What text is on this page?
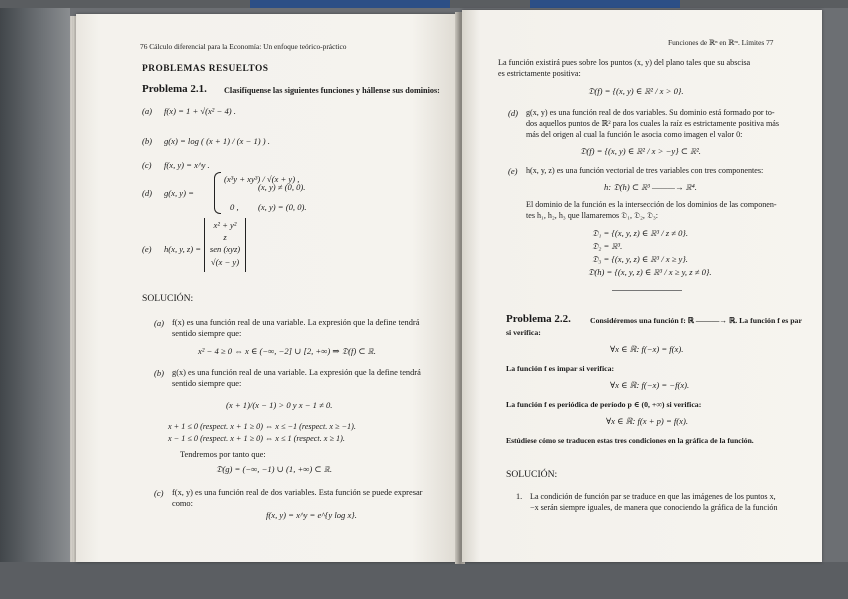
76 Cálculo diferencial para la Economía: Un enfoque teórico-práctico
PROBLEMAS RESUELTOS
Problema 2.1. Clasifíquense las siguientes funciones y hállense sus dominios:
(a) f(x) = 1 + √(x² − 4) .
(b) g(x) = log ( (x + 1) / (x − 1) ) .
(c) f(x, y) = x^y .
(d) g(x, y) =
(x³y + xy³) / √(x + y) ,
(x, y) ≠ (0, 0).
0 , (x, y) = (0, 0).
(e) h(x, y, z) =
x² + y²
z
sen (xyz)
√(x − y)
SOLUCIÓN:
(a) f(x) es una función real de una variable. La expresión que la define tendrá
sentido siempre que:
x² − 4 ≥ 0 ⇔ x ∈ (−∞, −2] ∪ [2, +∞) ⇒ 𝔇(f) ⊂ ℝ.
(b) g(x) es una función real de una variable. La expresión que la define tendrá
sentido siempre que:
(x + 1)/(x − 1) > 0 y x − 1 ≠ 0.
x + 1 ≤ 0 (respect. x + 1 ≥ 0) ⇔ x ≤ −1 (respect. x ≥ −1).
x − 1 ≤ 0 (respect. x + 1 ≥ 0) ⇔ x ≤ 1 (respect. x ≥ 1).
Tendremos por tanto que:
𝔇(g) = (−∞, −1) ∪ (1, +∞) ⊂ ℝ.
(c) f(x, y) es una función real de dos variables. Esta función se puede expresar
como:
f(x, y) = x^y = e^{y log x}.
Funciones de ℝⁿ en ℝᵐ. Límites 77
La función existirá pues sobre los puntos (x, y) del plano tales que su abscisa
es estrictamente positiva:
𝔇(f) = {(x, y) ∈ ℝ² / x > 0}.
(d) g(x, y) es una función real de dos variables. Su dominio está formado por to-
dos aquellos puntos de ℝ² para los cuales la raíz es estrictamente positiva más
más del origen al cual la función le asocia como imagen el valor 0:
𝔇(f) = {(x, y) ∈ ℝ² / x > −y} ⊂ ℝ².
(e) h(x, y, z) es una función vectorial de tres variables con tres componentes:
h: 𝔇(h) ⊂ ℝ³ ———→ ℝ⁴.
El dominio de la función es la intersección de los dominios de las componen-
tes h₁, h₂, h₃ que llamaremos 𝔇₁, 𝔇₂, 𝔇₃:
𝔇₁ = {(x, y, z) ∈ ℝ³ / z ≠ 0}.
𝔇₂ = ℝ³.
𝔇₃ = {(x, y, z) ∈ ℝ³ / x ≥ y}.
𝔇(h) = {(x, y, z) ∈ ℝ³ / x ≥ y, z ≠ 0}.
Problema 2.2. Considéremos una función f: ℝ ———→ ℝ. La función f es par
si verifica:
∀x ∈ ℝ: f(−x) = f(x).
La función f es impar si verifica:
∀x ∈ ℝ: f(−x) = −f(x).
La función f es periódica de período p ∈ (0, +∞) si verifica:
∀x ∈ ℝ: f(x + p) = f(x).
Estúdiese cómo se traducen estas tres condiciones en la gráfica de la función.
SOLUCIÓN:
1. La condición de función par se traduce en que las imágenes de los puntos x,
−x serán siempre iguales, de manera que conociendo la gráfica de la función
